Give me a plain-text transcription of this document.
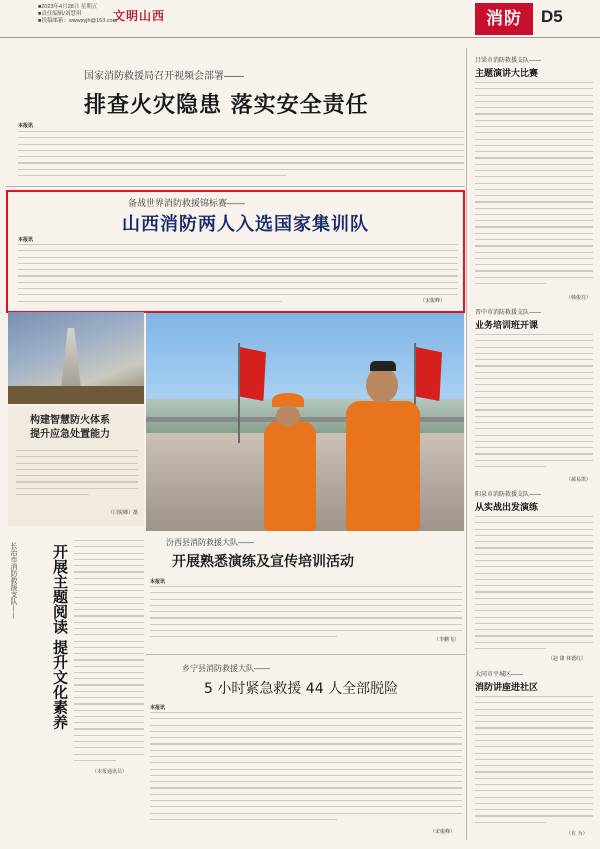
■2023年4月28日 星期五
■责任编辑/刘慧琪
■投稿邮箱：wwwxyjh@163.com
文明山西	消防	D5
国家消防救援局召开视频会部署——
排查火灾隐患 落实安全责任
本报讯
备战世界消防救援锦标赛——
山西消防两人入选国家集训队
本报讯
（宋俊峰）
构建智慧防火体系
提升应急处置能力
（闫锐卿）摄
长治市消防救援支队——	开展主题阅读 提升文化素养
（本报通讯员）
汾西县消防救援大队——
开展熟悉演练及宣传培训活动
本报讯
（李鹏飞）
乡宁县消防救援大队——
5 小时紧急救援 44 人全部脱险
本报讯
（宋俊峰）
吕梁市消防救援支队——
主题演讲大比赛
（韩俊亮）
晋中市消防救援支队——
业务培训班开课
（郝易凯）
阳泉市消防救援支队——
从实战出发演练
（赵 雄 林德红）
大同市平城区——
消防讲座进社区
（有 为）
